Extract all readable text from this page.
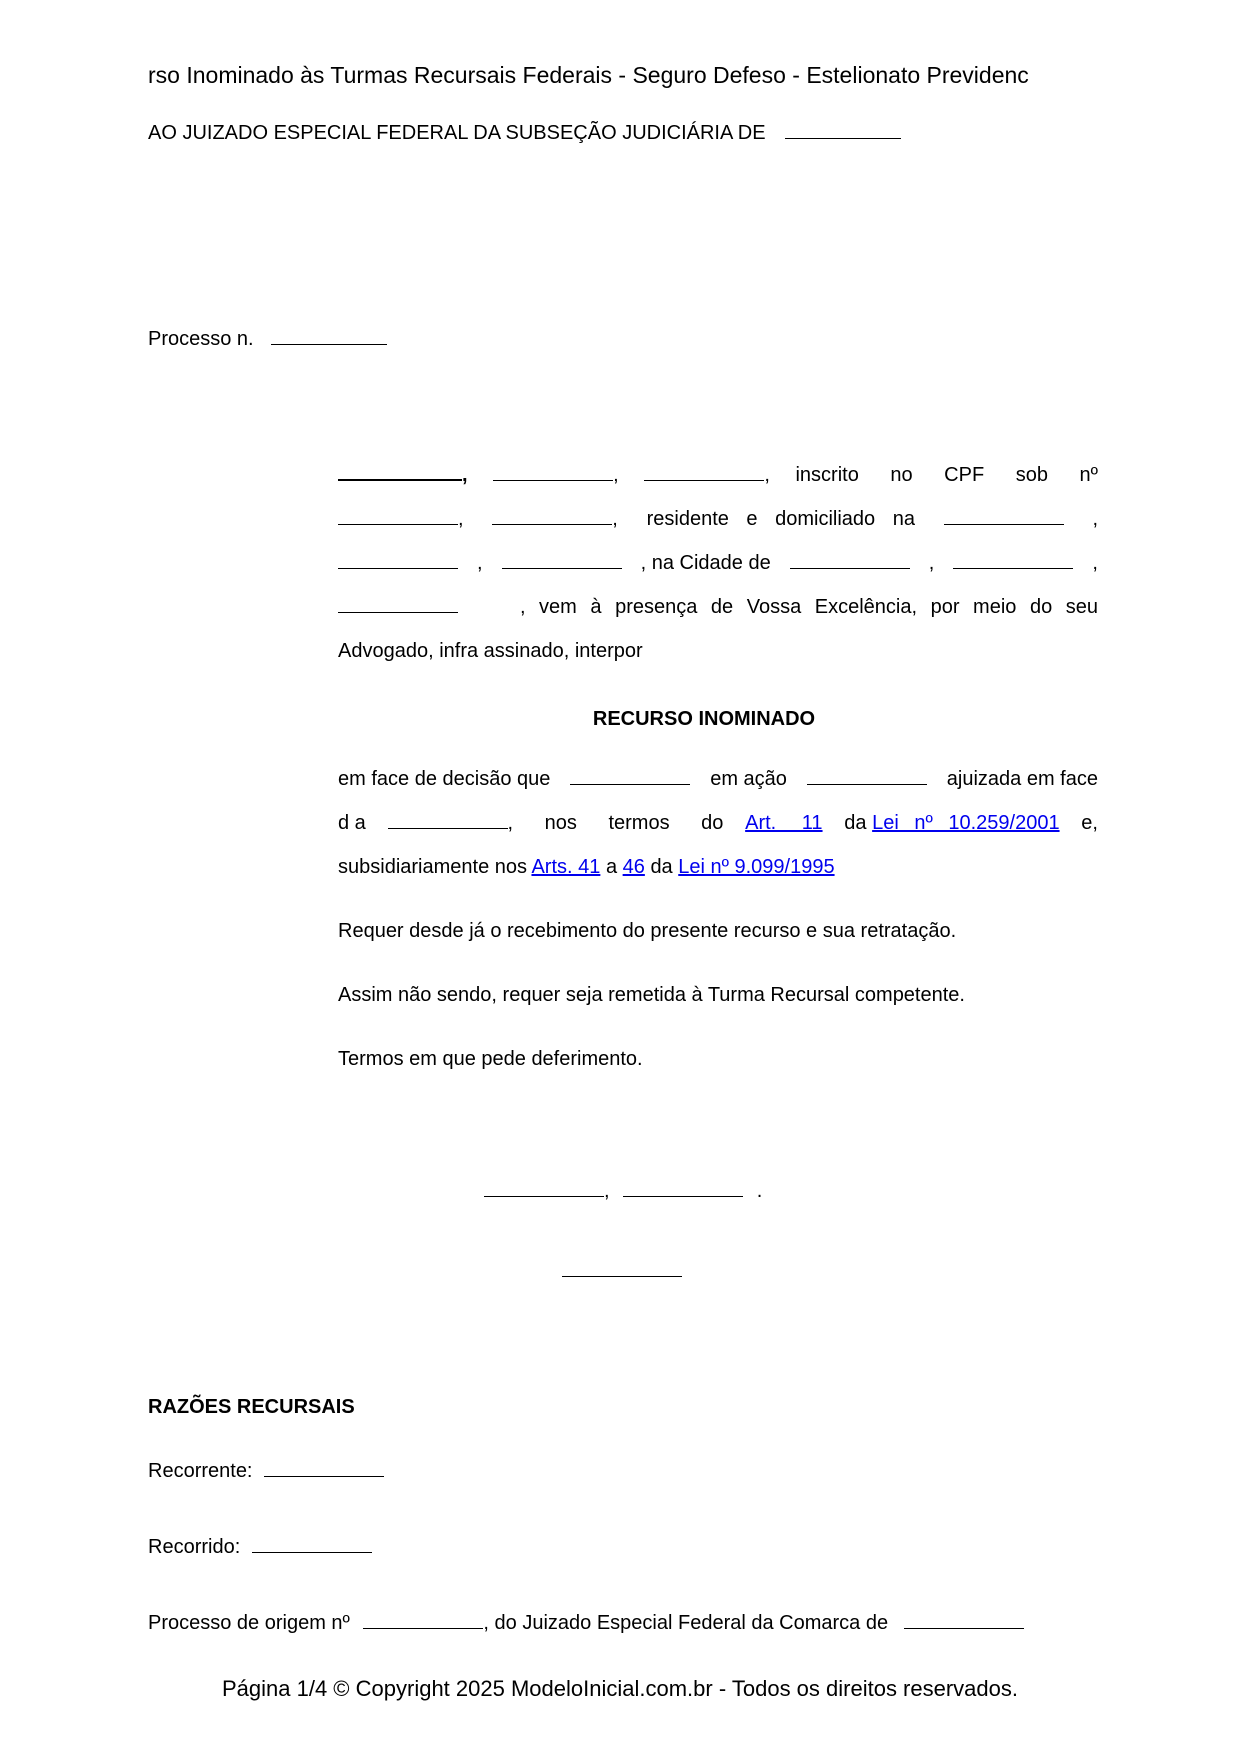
rso Inominado às Turmas Recursais Federais - Seguro Defeso - Estelionato Previdenc
AO JUIZADO ESPECIAL FEDERAL DA SUBSEÇÃO JUDICIÁRIA DE
Processo n.
,	,	, inscrito no CPF sob nº
,	, residente e domiciliado na	,
,	, na Cidade de	,	,
, vem à presença de Vossa Excelência, por meio do seu
Advogado, infra assinado, interpor
RECURSO INOMINADO
em face de decisão que	em ação	ajuizada em face
d a	, nos termos do Art. 11 da Lei nº 10.259/2001 e,
subsidiariamente nos Arts. 41 a 46 da Lei nº 9.099/1995
Requer desde já o recebimento do presente recurso e sua retratação.
Assim não sendo, requer seja remetida à Turma Recursal competente.
Termos em que pede deferimento.
,	.
RAZÕES RECURSAIS
Recorrente:
Recorrido:
Processo de origem nº	, do Juizado Especial Federal da Comarca de
Página 1/4 © Copyright 2025 ModeloInicial.com.br - Todos os direitos reservados.
